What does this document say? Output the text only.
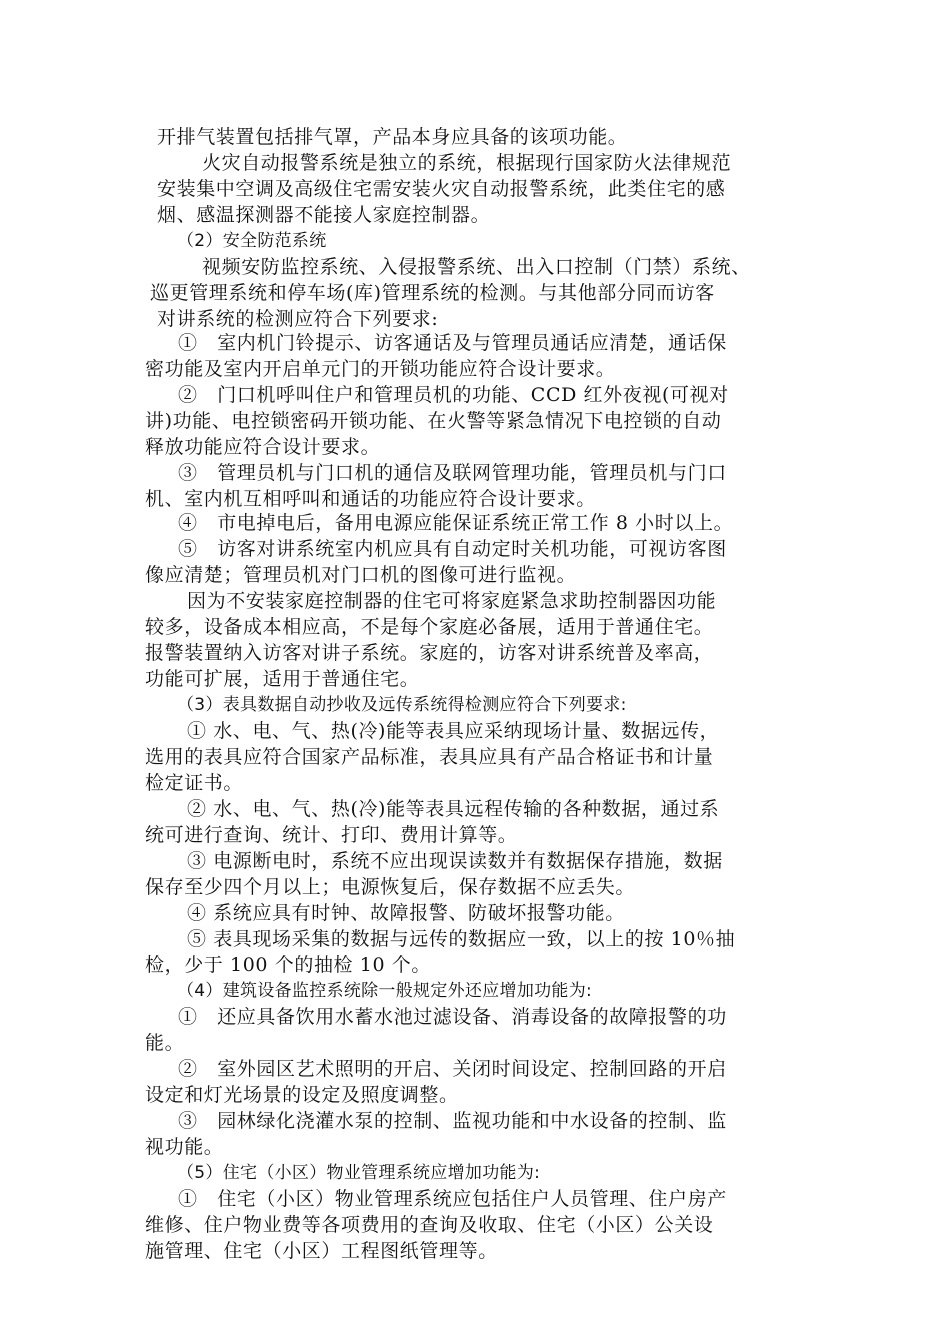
开排气装置包括排气罩，产品本身应具备的该项功能。
火灾自动报警系统是独立的系统，根据现行国家防火法律规范
安装集中空调及高级住宅需安装火灾自动报警系统，此类住宅的感
烟、感温探测器不能接人家庭控制器。
（2）安全防范系统
视频安防监控系统、入侵报警系统、出入口控制（门禁）系统、
巡更管理系统和停车场(库)管理系统的检测。与其他部分同而访客
对讲系统的检测应符合下列要求:
①　室内机门铃提示、访客通话及与管理员通话应清楚，通话保
密功能及室内开启单元门的开锁功能应符合设计要求。
②　门口机呼叫住户和管理员机的功能、CCD 红外夜视(可视对
讲)功能、电控锁密码开锁功能、在火警等紧急情况下电控锁的自动
释放功能应符合设计要求。
③　管理员机与门口机的通信及联网管理功能，管理员机与门口
机、室内机互相呼叫和通话的功能应符合设计要求。
④　市电掉电后，备用电源应能保证系统正常工作 8 小时以上。
⑤　访客对讲系统室内机应具有自动定时关机功能，可视访客图
像应清楚；管理员机对门口机的图像可进行监视。
因为不安装家庭控制器的住宅可将家庭紧急求助控制器因功能
较多，设备成本相应高，不是每个家庭必备展，适用于普通住宅。
报警装置纳入访客对讲子系统。家庭的，访客对讲系统普及率高，
功能可扩展，适用于普通住宅。
（3）表具数据自动抄收及远传系统得检测应符合下列要求:
① 水、电、气、热(冷)能等表具应采纳现场计量、数据远传，
选用的表具应符合国家产品标准，表具应具有产品合格证书和计量
检定证书。
② 水、电、气、热(冷)能等表具远程传输的各种数据，通过系
统可进行查询、统计、打印、费用计算等。
③ 电源断电时，系统不应出现误读数并有数据保存措施，数据
保存至少四个月以上；电源恢复后，保存数据不应丢失。
④ 系统应具有时钟、故障报警、防破坏报警功能。
⑤ 表具现场采集的数据与远传的数据应一致，以上的按 10％抽
检，少于 100 个的抽检 10 个。
（4）建筑设备监控系统除一般规定外还应增加功能为:
①　还应具备饮用水蓄水池过滤设备、消毒设备的故障报警的功
能。
②　室外园区艺术照明的开启、关闭时间设定、控制回路的开启
设定和灯光场景的设定及照度调整。
③　园林绿化浇灌水泵的控制、监视功能和中水设备的控制、监
视功能。
（5）住宅（小区）物业管理系统应增加功能为:
①　住宅（小区）物业管理系统应包括住户人员管理、住户房产
维修、住户物业费等各项费用的查询及收取、住宅（小区）公关设
施管理、住宅（小区）工程图纸管理等。
